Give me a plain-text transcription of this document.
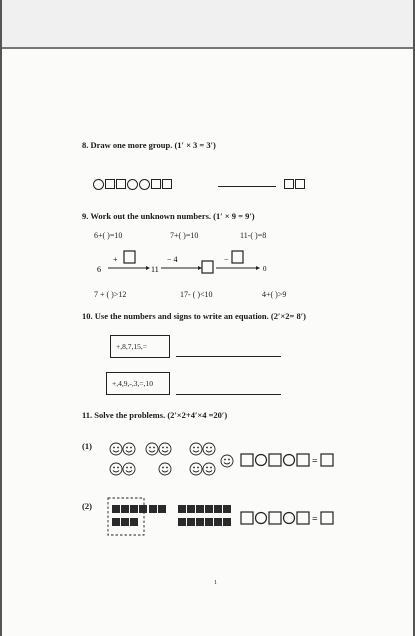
8. Draw one more group. (1′ × 3 = 3′)
9. Work out the unknown numbers. (1′ × 9 = 9′)
6+( )=10	7+( )=10	11-( )=8
6
+
11
− 4	−
0
7 + ( )>12	17- ( )<10	4+( )>9
10. Use the numbers and signs to write an equation. (2′×2= 8′)
+,8,7,15,=
+,4,9,-,3,=,10
11. Solve the problems. (2′×2+4′×4 =20′)
(1)
=
(2)
=
1
